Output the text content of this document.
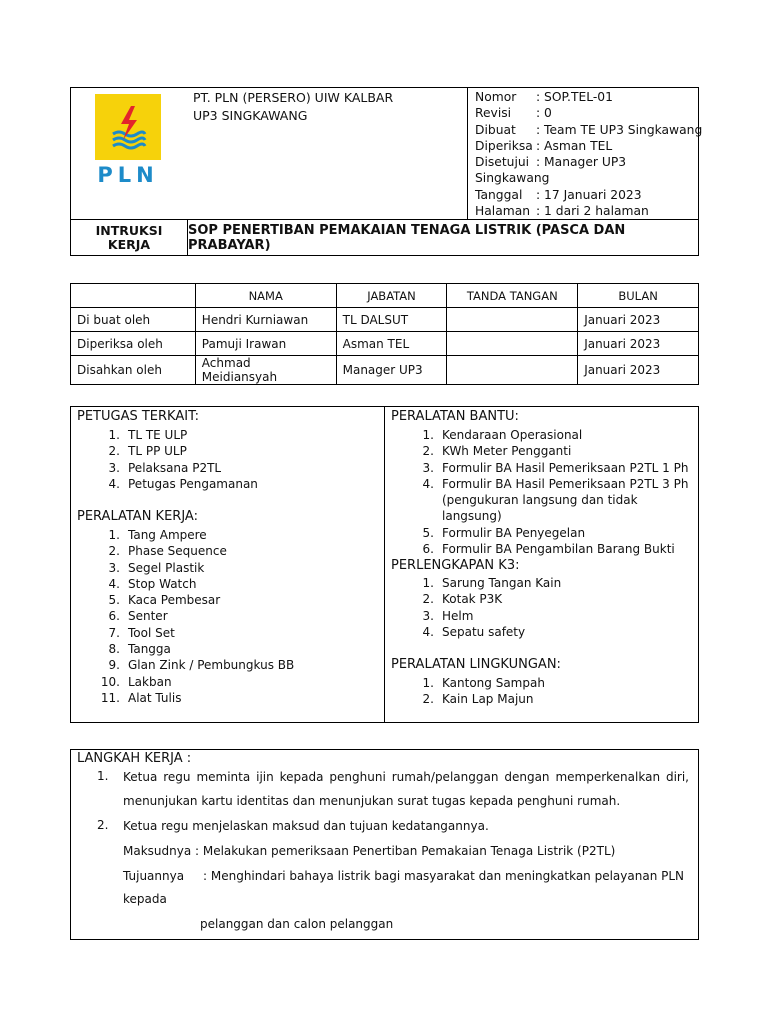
PLN
PT. PLN (PERSERO) UIW KALBAR
UP3 SINGKAWANG
Nomor : SOP.TEL-01
Revisi : 0
Dibuat : Team TE UP3 Singkawang
Diperiksa : Asman TEL
Disetujui : Manager UP3
Singkawang
Tanggal : 17 Januari 2023
Halaman : 1 dari 2 halaman
INTRUKSI
KERJA
SOP PENERTIBAN PEMAKAIAN TENAGA LISTRIK (PASCA DAN PRABAYAR)
	NAMA	JABATAN	TANDA TANGAN	BULAN
Di buat oleh	Hendri Kurniawan	TL DALSUT		Januari 2023
Diperiksa oleh	Pamuji Irawan	Asman TEL		Januari 2023
Disahkan oleh	Achmad Meidiansyah	Manager UP3		Januari 2023
PETUGAS TERKAIT:
1. TL TE ULP
2. TL PP ULP
3. Pelaksana P2TL
4. Petugas Pengamanan
PERALATAN KERJA:
1. Tang Ampere
2. Phase Sequence
3. Segel Plastik
4. Stop Watch
5. Kaca Pembesar
6. Senter
7. Tool Set
8. Tangga
9. Glan Zink / Pembungkus BB
10. Lakban
11. Alat Tulis
PERALATAN BANTU:
1. Kendaraan Operasional
2. KWh Meter Pengganti
3. Formulir BA Hasil Pemeriksaan P2TL 1 Ph
4. Formulir BA Hasil Pemeriksaan P2TL 3 Ph
(pengukuran langsung dan tidak langsung)
5. Formulir BA Penyegelan
6. Formulir BA Pengambilan Barang Bukti
PERLENGKAPAN K3:
1. Sarung Tangan Kain
2. Kotak P3K
3. Helm
4. Sepatu safety
PERALATAN LINGKUNGAN:
1. Kantong Sampah
2. Kain Lap Majun
LANGKAH KERJA :
1. Ketua regu meminta ijin kepada penghuni rumah/pelanggan dengan memperkenalkan diri,
menunjukan kartu identitas dan menunjukan surat tugas kepada penghuni rumah.
2. Ketua regu menjelaskan maksud dan tujuan kedatangannya.
Maksudnya : Melakukan pemeriksaan Penertiban Pemakaian Tenaga Listrik (P2TL)
Tujuannya : Menghindari bahaya listrik bagi masyarakat dan meningkatkan pelayanan PLN
kepada
pelanggan dan calon pelanggan
